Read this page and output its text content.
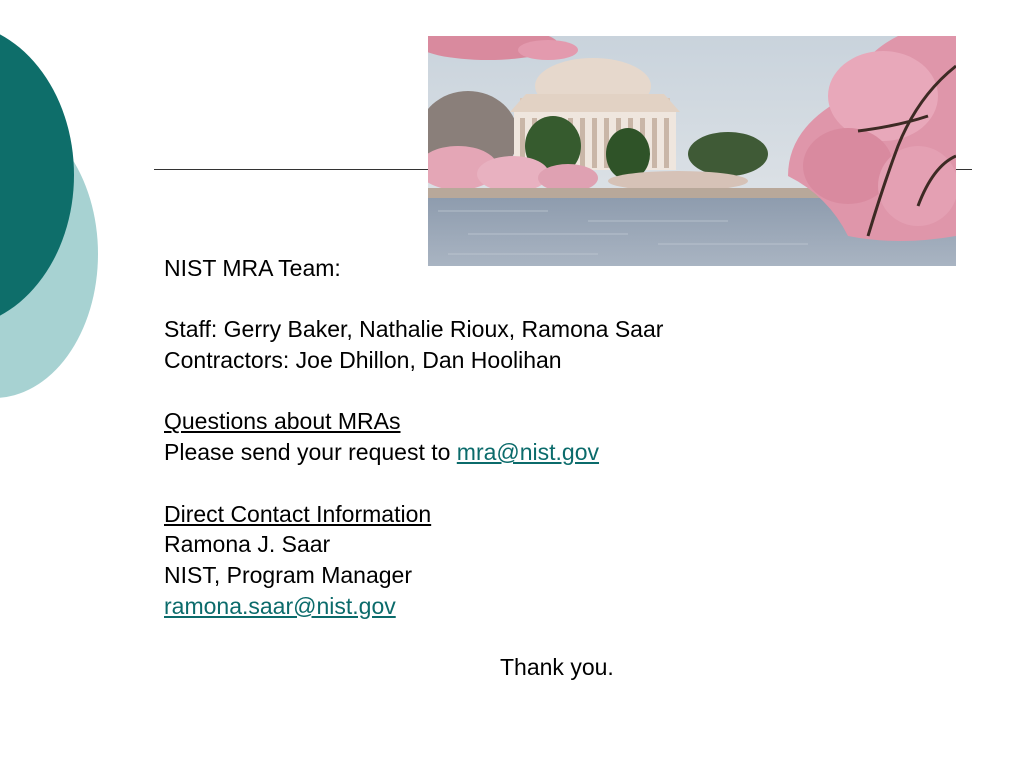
NIST MRA Team:

Staff: Gerry Baker, Nathalie Rioux, Ramona Saar

Contractors: Joe Dhillon, Dan Hoolihan

Questions about MRAs

Please send your request to mra@nist.gov

Direct Contact Information

Ramona J. Saar

NIST, Program Manager

ramona.saar@nist.gov

Thank you.
